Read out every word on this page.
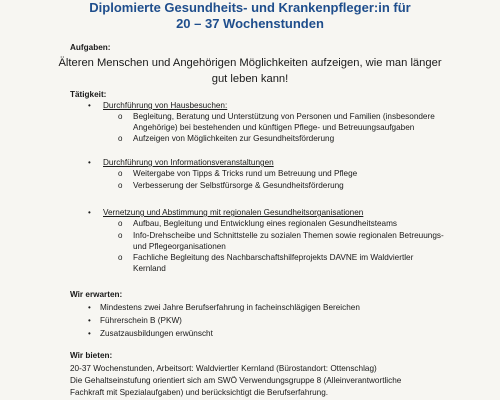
Diplomierte Gesundheits- und Krankenpfleger:in für
20 – 37 Wochenstunden
Aufgaben:
Älteren Menschen und Angehörigen Möglichkeiten aufzeigen, wie man länger
gut leben kann!
Tätigkeit:
• Durchführung von Hausbesuchen:
o Begleitung, Beratung und Unterstützung von Personen und Familien (insbesondere
Angehörige) bei bestehenden und künftigen Pflege- und Betreuungsaufgaben
o Aufzeigen von Möglichkeiten zur Gesundheitsförderung
• Durchführung von Informationsveranstaltungen
o Weitergabe von Tipps & Tricks rund um Betreuung und Pflege
o Verbesserung der Selbstfürsorge & Gesundheitsförderung
• Vernetzung und Abstimmung mit regionalen Gesundheitsorganisationen
o Aufbau, Begleitung und Entwicklung eines regionalen Gesundheitsteams
o Info-Drehscheibe und Schnittstelle zu sozialen Themen sowie regionalen Betreuungs-
und Pflegeorganisationen
o Fachliche Begleitung des Nachbarschaftshilfeprojekts DAVNE im Waldviertler
Kernland
Wir erwarten:
• Mindestens zwei Jahre Berufserfahrung in facheinschlägigen Bereichen
• Führerschein B (PKW)
• Zusatzausbildungen erwünscht
Wir bieten:
20-37 Wochenstunden, Arbeitsort: Waldviertler Kernland (Bürostandort: Ottenschlag)
Die Gehaltseinstufung orientiert sich am SWÖ Verwendungsgruppe 8 (Alleinverantwortliche
Fachkraft mit Spezialaufgaben) und berücksichtigt die Berufserfahrung.
